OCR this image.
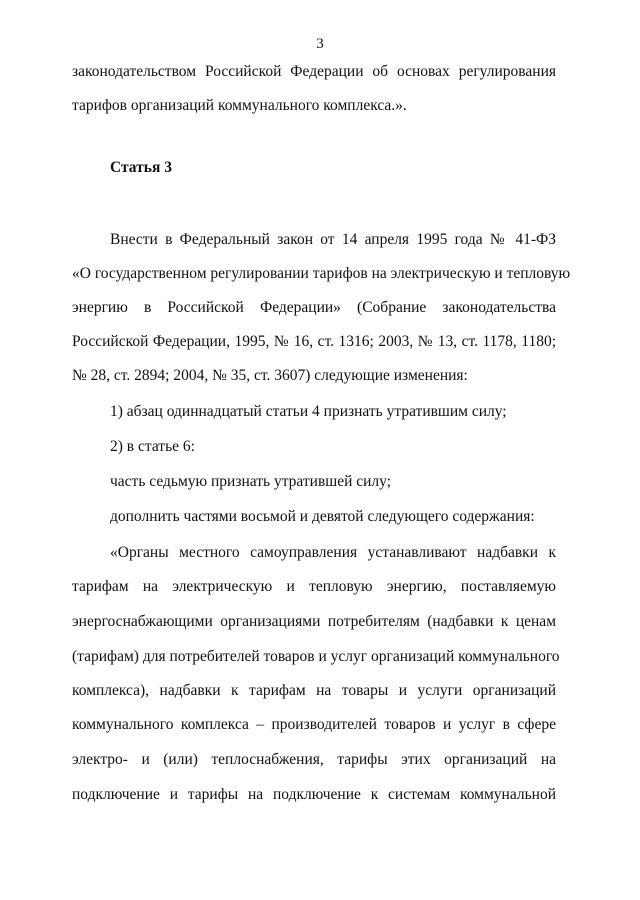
3
законодательством Российской Федерации об основах регулирования
тарифов организаций коммунального комплекса.».
Статья 3
Внести в Федеральный закон от 14 апреля 1995 года № 41-ФЗ
«О государственном регулировании тарифов на электрическую и тепловую
энергию в Российской Федерации» (Собрание законодательства
Российской Федерации, 1995, № 16, ст. 1316; 2003, № 13, ст. 1178, 1180;
№ 28, ст. 2894; 2004, № 35, ст. 3607) следующие изменения:
1) абзац одиннадцатый статьи 4 признать утратившим силу;
2) в статье 6:
часть седьмую признать утратившей силу;
дополнить частями восьмой и девятой следующего содержания:
«Органы местного самоуправления устанавливают надбавки к
тарифам на электрическую и тепловую энергию, поставляемую
энергоснабжающими организациями потребителям (надбавки к ценам
(тарифам) для потребителей товаров и услуг организаций коммунального
комплекса), надбавки к тарифам на товары и услуги организаций
коммунального комплекса – производителей товаров и услуг в сфере
электро- и (или) теплоснабжения, тарифы этих организаций на
подключение и тарифы на подключение к системам коммунальной
